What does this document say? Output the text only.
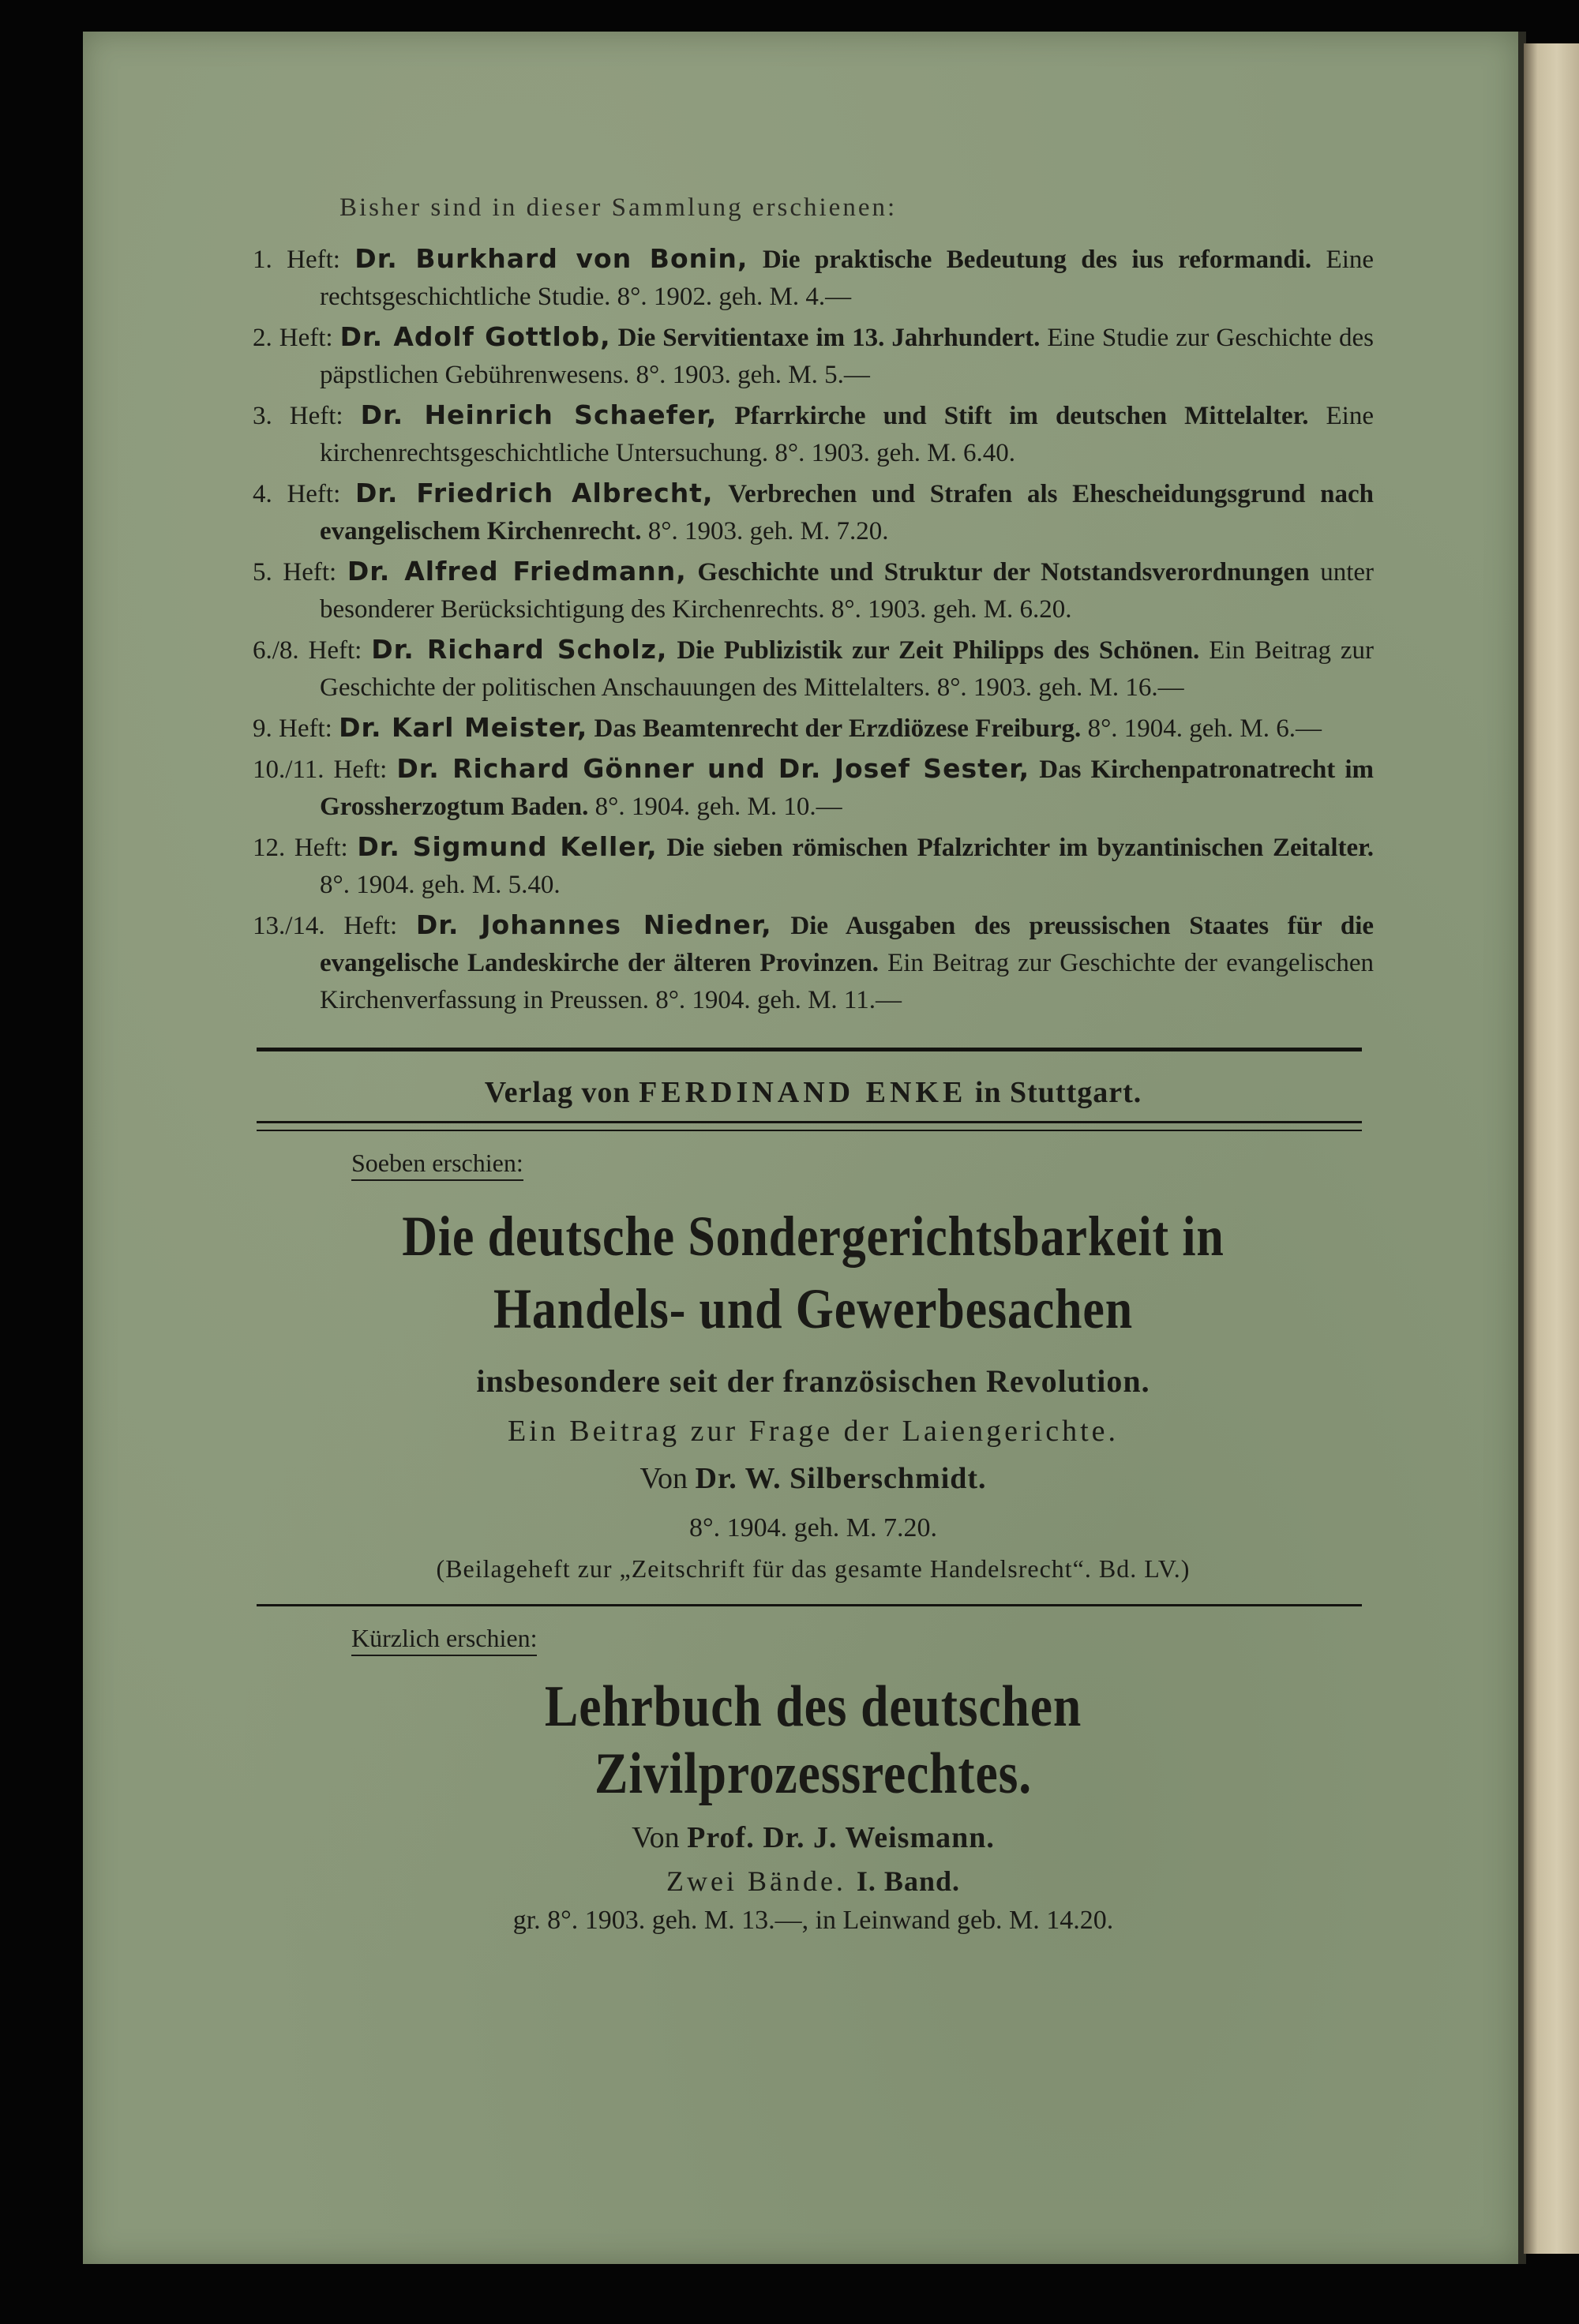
Bisher sind in dieser Sammlung erschienen:
1. Heft: Dr. Burkhard von Bonin, Die praktische Bedeutung des ius reformandi. Eine rechtsgeschichtliche Studie. 8°. 1902. geh. M. 4.—
2. Heft: Dr. Adolf Gottlob, Die Servitientaxe im 13. Jahrhundert. Eine Studie zur Geschichte des päpstlichen Gebührenwesens. 8°. 1903. geh. M. 5.—
3. Heft: Dr. Heinrich Schaefer, Pfarrkirche und Stift im deutschen Mittelalter. Eine kirchenrechtsgeschichtliche Untersuchung. 8°. 1903. geh. M. 6.40.
4. Heft: Dr. Friedrich Albrecht, Verbrechen und Strafen als Ehescheidungsgrund nach evangelischem Kirchenrecht. 8°. 1903. geh. M. 7.20.
5. Heft: Dr. Alfred Friedmann, Geschichte und Struktur der Notstandsverordnungen unter besonderer Berücksichtigung des Kirchenrechts. 8°. 1903. geh. M. 6.20.
6./8. Heft: Dr. Richard Scholz, Die Publizistik zur Zeit Philipps des Schönen. Ein Beitrag zur Geschichte der politischen Anschauungen des Mittelalters. 8°. 1903. geh. M. 16.—
9. Heft: Dr. Karl Meister, Das Beamtenrecht der Erzdiözese Freiburg. 8°. 1904. geh. M. 6.—
10./11. Heft: Dr. Richard Gönner und Dr. Josef Sester, Das Kirchenpatronatrecht im Grossherzogtum Baden. 8°. 1904. geh. M. 10.—
12. Heft: Dr. Sigmund Keller, Die sieben römischen Pfalzrichter im byzantinischen Zeitalter. 8°. 1904. geh. M. 5.40.
13./14. Heft: Dr. Johannes Niedner, Die Ausgaben des preussischen Staates für die evangelische Landeskirche der älteren Provinzen. Ein Beitrag zur Geschichte der evangelischen Kirchenverfassung in Preussen. 8°. 1904. geh. M. 11.—
Verlag von FERDINAND ENKE in Stuttgart.
Soeben erschien:
Die deutsche Sondergerichtsbarkeit in
Handels- und Gewerbesachen
insbesondere seit der französischen Revolution.
Ein Beitrag zur Frage der Laiengerichte.
Von Dr. W. Silberschmidt.
8°. 1904. geh. M. 7.20.
(Beilageheft zur „Zeitschrift für das gesamte Handelsrecht“. Bd. LV.)
Kürzlich erschien:
Lehrbuch des deutschen Zivilprozessrechtes.
Von Prof. Dr. J. Weismann.
Zwei Bände. I. Band.
gr. 8°. 1903. geh. M. 13.—, in Leinwand geb. M. 14.20.
